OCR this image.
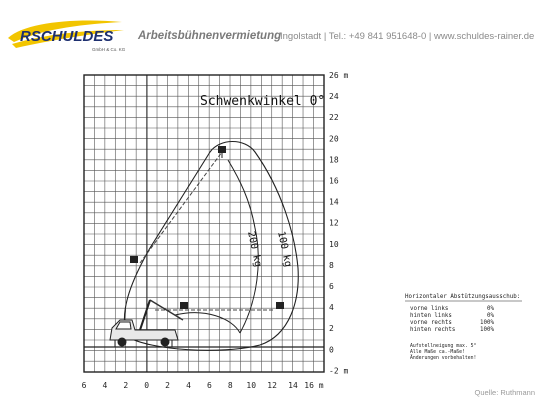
RSCHULDES
GmbH & Co. KG
Arbeitsbühnenvermietung
Ingolstadt | Tel.: +49 841 951648-0 | www.schuldes-rainer.de
26 m
24
22
20
18
16
14
12
10
8
6
4
2
0
-2 m
6 4 2 0 2 4 6 8 10 12 14 16 m
Schwenkwinkel 0°
200 kg 100 kg
Horizontaler Abstützungsausschub:
vorne links	0%
hinten links	0%
vorne rechts	100%
hinten rechts	100%
Aufstellneigung max. 5°
Alle Maße ca.-Maße!
Änderungen vorbehalten!
Quelle: Ruthmann
